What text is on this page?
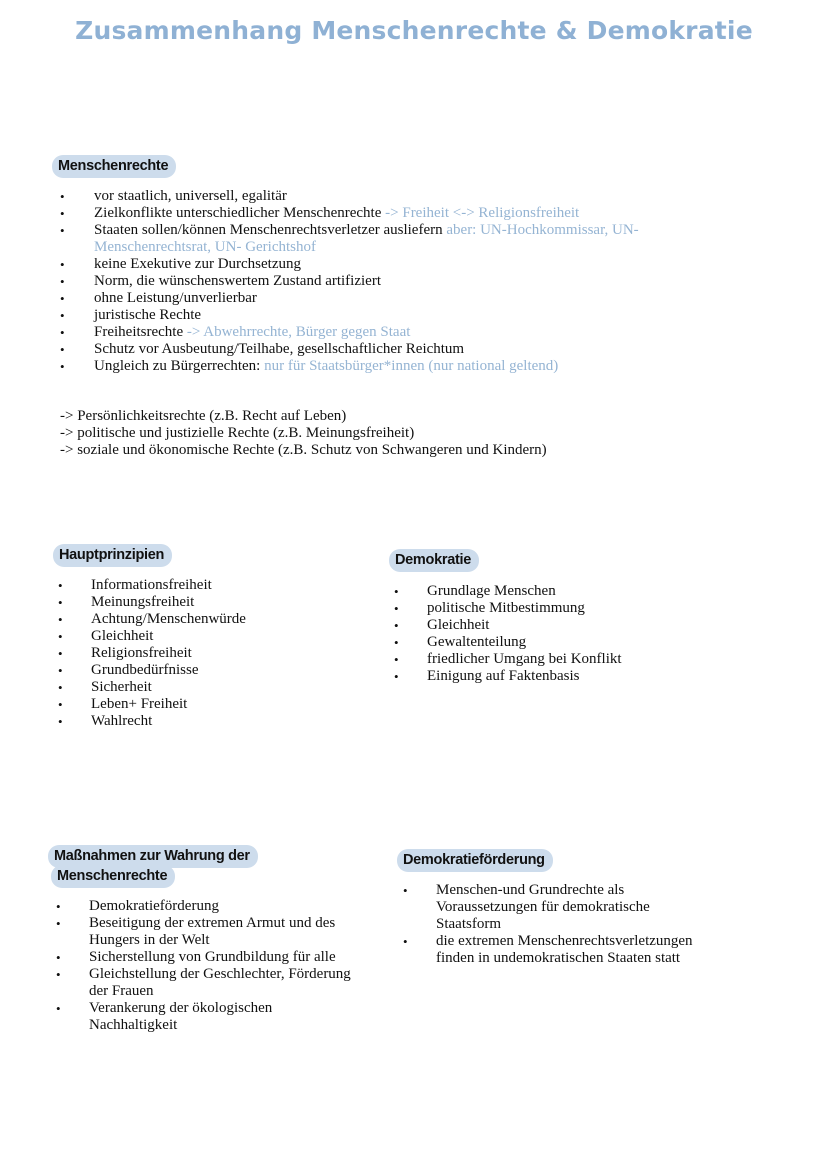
Zusammenhang Menschenrechte & Demokratie
Menschenrechte
• vor staatlich, universell, egalitär
• Zielkonflikte unterschiedlicher Menschenrechte -> Freiheit <-> Religionsfreiheit
• Staaten sollen/können Menschenrechtsverletzer ausliefern aber: UN-Hochkommissar, UN-Menschenrechtsrat, UN- Gerichtshof
• keine Exekutive zur Durchsetzung
• Norm, die wünschenswertem Zustand artifiziert
• ohne Leistung/unverlierbar
• juristische Rechte
• Freiheitsrechte -> Abwehrrechte, Bürger gegen Staat
• Schutz vor Ausbeutung/Teilhabe, gesellschaftlicher Reichtum
• Ungleich zu Bürgerrechten: nur für Staatsbürger*innen (nur national geltend)
-> Persönlichkeitsrechte (z.B. Recht auf Leben)
-> politische und justizielle Rechte (z.B. Meinungsfreiheit)
-> soziale und ökonomische Rechte (z.B. Schutz von Schwangeren und Kindern)
Hauptprinzipien
• Informationsfreiheit
• Meinungsfreiheit
• Achtung/Menschenwürde
• Gleichheit
• Religionsfreiheit
• Grundbedürfnisse
• Sicherheit
• Leben+ Freiheit
• Wahlrecht
Demokratie
• Grundlage Menschen
• politische Mitbestimmung
• Gleichheit
• Gewaltenteilung
• friedlicher Umgang bei Konflikt
• Einigung auf Faktenbasis
Maßnahmen zur Wahrung der
Menschenrechte
• Demokratieförderung
• Beseitigung der extremen Armut und des Hungers in der Welt
• Sicherstellung von Grundbildung für alle
• Gleichstellung der Geschlechter, Förderung der Frauen
• Verankerung der ökologischen Nachhaltigkeit
Demokratieförderung
• Menschen-und Grundrechte als Voraussetzungen für demokratische Staatsform
• die extremen Menschenrechtsverletzungen finden in undemokratischen Staaten statt
